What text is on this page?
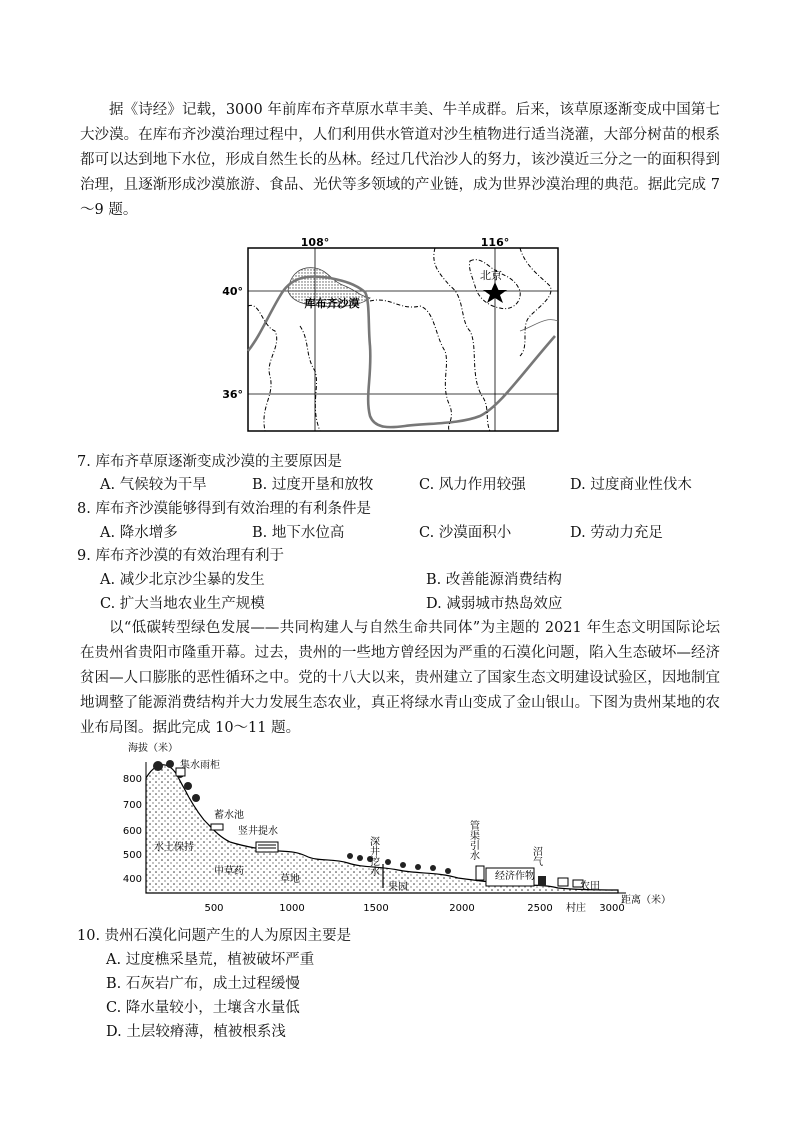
据《诗经》记载，3000 年前库布齐草原水草丰美、牛羊成群。后来，该草原逐渐变成中国第七大沙漠。在库布齐沙漠治理过程中，人们利用供水管道对沙生植物进行适当浇灌，大部分树苗的根系都可以达到地下水位，形成自然生长的丛林。经过几代治沙人的努力，该沙漠近三分之一的面积得到治理，且逐渐形成沙漠旅游、食品、光伏等多领域的产业链，成为世界沙漠治理的典范。据此完成 7～9 题。

108°	116°
40°
36°
北京
库布齐沙漠
7. 库布齐草原逐渐变成沙漠的主要原因是
A. 气候较为干旱	B. 过度开垦和放牧	C. 风力作用较强	D. 过度商业性伐木
8. 库布齐沙漠能够得到有效治理的有利条件是
A. 降水增多	B. 地下水位高	C. 沙漠面积小	D. 劳动力充足
9. 库布齐沙漠的有效治理有利于
A. 减少北京沙尘暴的发生	B. 改善能源消费结构
C. 扩大当地农业生产规模	D. 减弱城市热岛效应

以“低碳转型绿色发展——共同构建人与自然生命共同体”为主题的 2021 年生态文明国际论坛在贵州省贵阳市隆重开幕。过去，贵州的一些地方曾经因为严重的石漠化问题，陷入生态破坏—经济贫困—人口膨胀的恶性循环之中。党的十八大以来，贵州建立了国家生态文明建设试验区，因地制宜地调整了能源消费结构并大力发展生态农业，真正将绿水青山变成了金山银山。下图为贵州某地的农业布局图。据此完成 10～11 题。

海拔（米）
距离（米）
800
700
600
500
400
500	1000	1500	2000	2500	3000
集水雨柜
蓄水池
竖井提水
水土保持
中草药
草地
果园
经济作物
农田
村庄
深井挖水	管渠引水	沼气
10. 贵州石漠化问题产生的人为原因主要是
A. 过度樵采垦荒，植被破坏严重
B. 石灰岩广布，成土过程缓慢
C. 降水量较小，土壤含水量低
D. 土层较瘠薄，植被根系浅
